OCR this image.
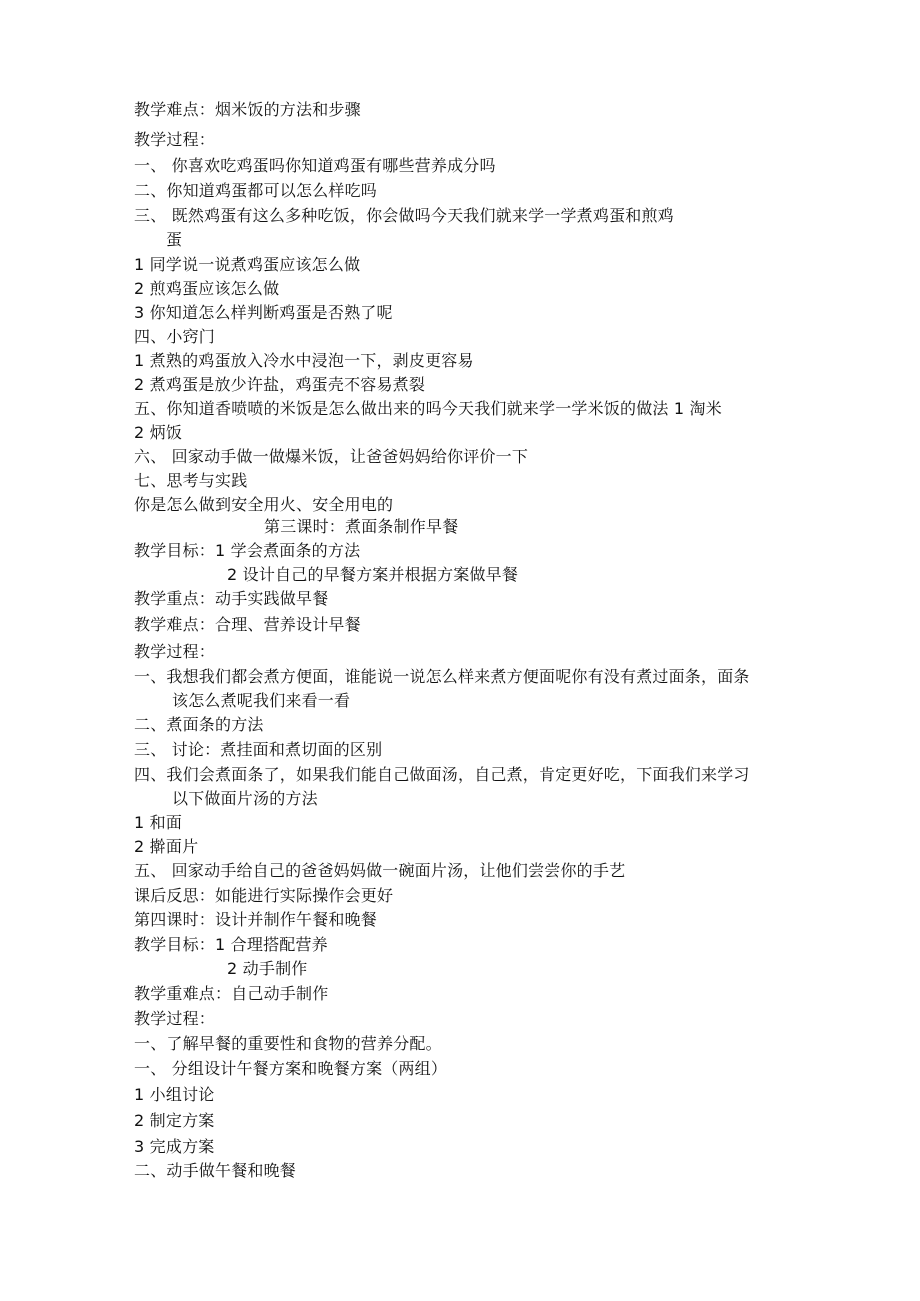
教学难点：烟米饭的方法和步骤
教学过程：
一、 你喜欢吃鸡蛋吗你知道鸡蛋有哪些营养成分吗
二、你知道鸡蛋都可以怎么样吃吗
三、 既然鸡蛋有这么多种吃饭，你会做吗今天我们就来学一学煮鸡蛋和煎鸡
蛋
1 同学说一说煮鸡蛋应该怎么做
2 煎鸡蛋应该怎么做
3 你知道怎么样判断鸡蛋是否熟了呢
四、小窍门
1 煮熟的鸡蛋放入冷水中浸泡一下，剥皮更容易
2 煮鸡蛋是放少许盐，鸡蛋壳不容易煮裂
五、你知道香喷喷的米饭是怎么做出来的吗今天我们就来学一学米饭的做法 1 淘米
2 炳饭
六、 回家动手做一做爆米饭，让爸爸妈妈给你评价一下
七、思考与实践
你是怎么做到安全用火、安全用电的
第三课时：煮面条制作早餐
教学目标：1 学会煮面条的方法
2 设计自己的早餐方案并根据方案做早餐
教学重点：动手实践做早餐
教学难点：合理、营养设计早餐
教学过程：
一、我想我们都会煮方便面，谁能说一说怎么样来煮方便面呢你有没有煮过面条，面条
该怎么煮呢我们来看一看
二、煮面条的方法
三、 讨论：煮挂面和煮切面的区别
四、我们会煮面条了，如果我们能自己做面汤，自己煮，肯定更好吃，下面我们来学习
以下做面片汤的方法
1 和面
2 擀面片
五、 回家动手给自己的爸爸妈妈做一碗面片汤，让他们尝尝你的手艺
课后反思：如能进行实际操作会更好
第四课时：设计并制作午餐和晚餐
教学目标：1 合理搭配营养
2 动手制作
教学重难点：自己动手制作
教学过程：
一、了解早餐的重要性和食物的营养分配。
一、 分组设计午餐方案和晚餐方案（两组）
1 小组讨论
2 制定方案
3 完成方案
二、动手做午餐和晚餐
